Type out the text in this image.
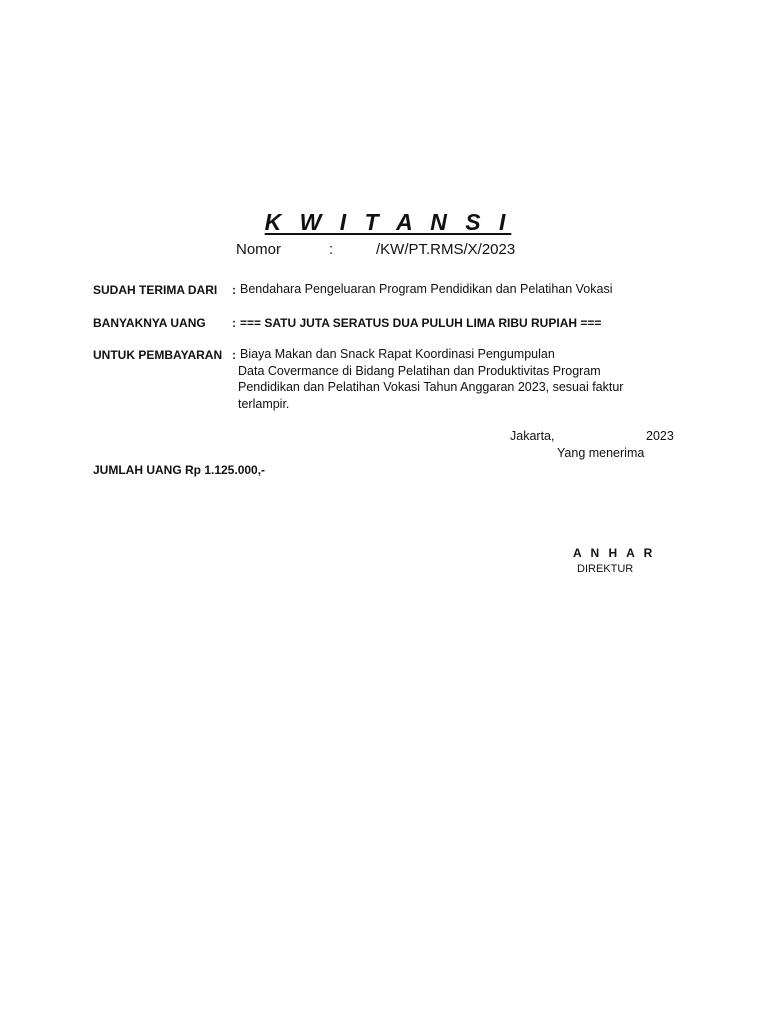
K W I T A N S I
Nomor	:	/KW/PT.RMS/X/2023
SUDAH TERIMA DARI : Bendahara Pengeluaran Program Pendidikan dan Pelatihan Vokasi
BANYAKNYA UANG : === SATU JUTA SERATUS DUA PULUH LIMA RIBU RUPIAH ===
UNTUK PEMBAYARAN : Biaya Makan dan Snack Rapat Koordinasi Pengumpulan
Data Covermance di Bidang Pelatihan dan Produktivitas Program
Pendidikan dan Pelatihan Vokasi Tahun Anggaran 2023, sesuai faktur
terlampir.
Jakarta,	2023
Yang menerima
JUMLAH UANG Rp 1.125.000,-
A N H A R
DIREKTUR
